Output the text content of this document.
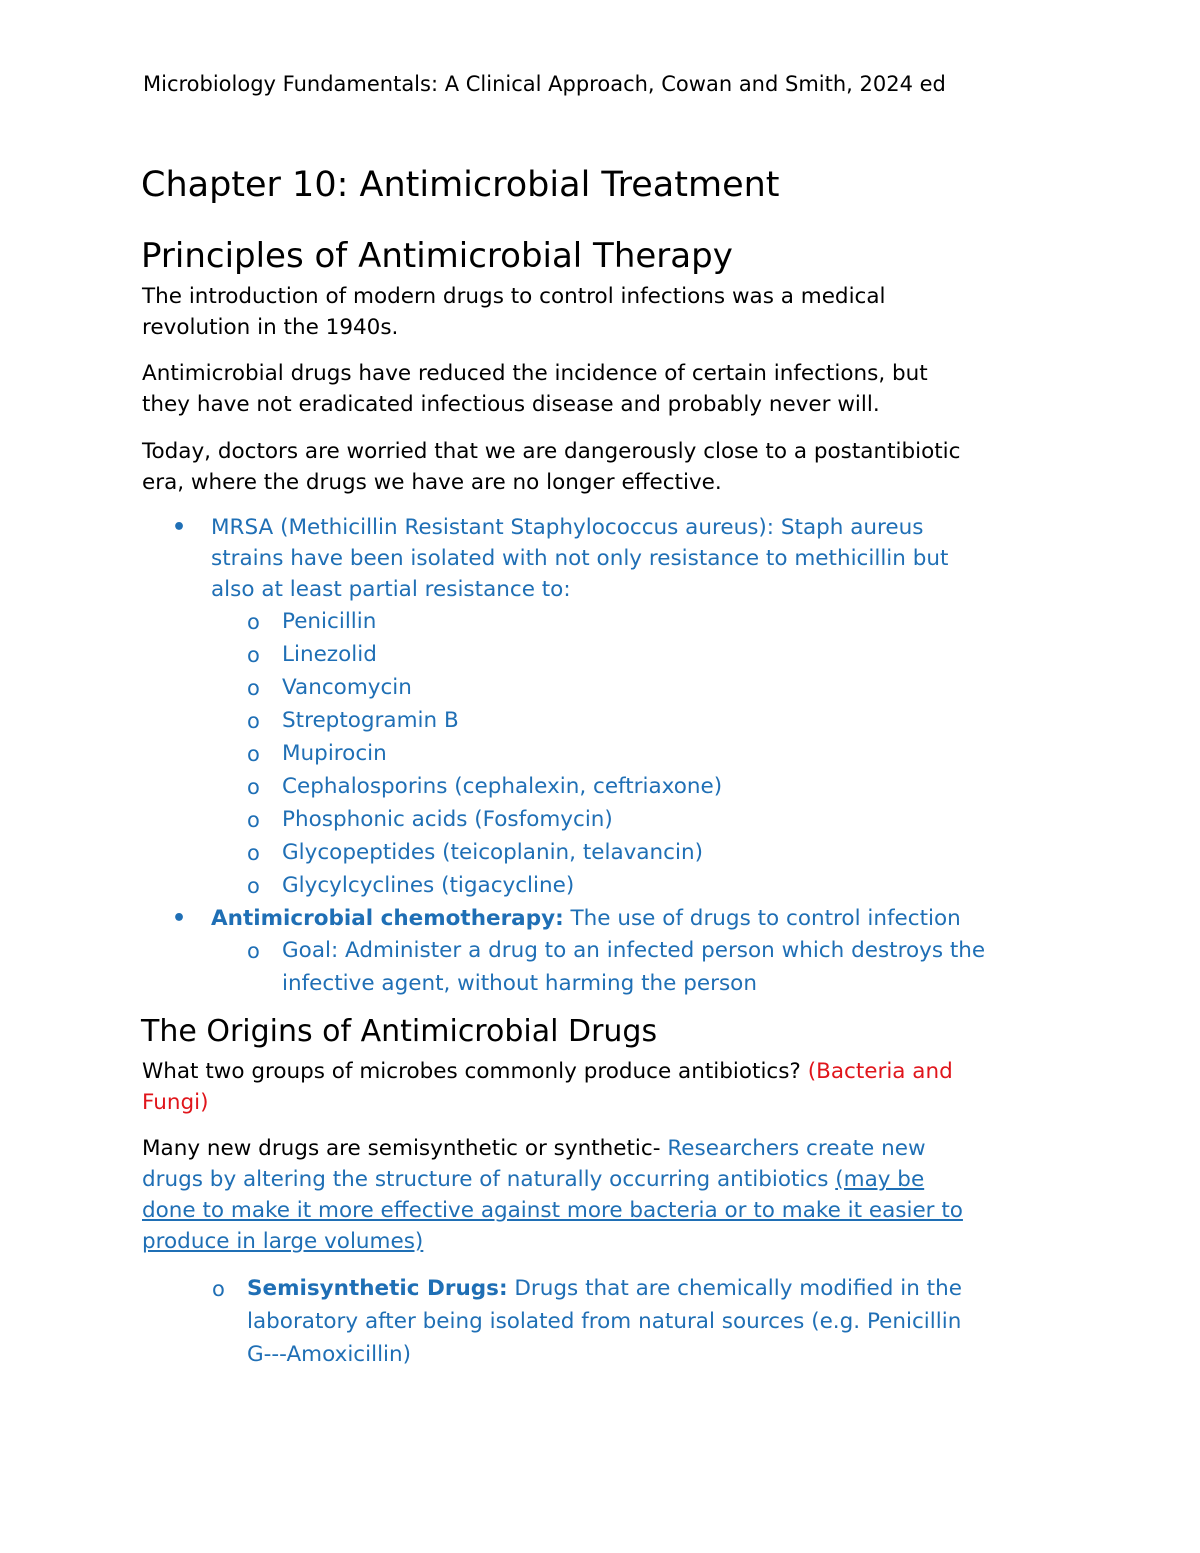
Microbiology Fundamentals: A Clinical Approach, Cowan and Smith, 2024 ed
Chapter 10: Antimicrobial Treatment
Principles of Antimicrobial Therapy
The introduction of modern drugs to control infections was a medical
revolution in the 1940s.
Antimicrobial drugs have reduced the incidence of certain infections, but
they have not eradicated infectious disease and probably never will.
Today, doctors are worried that we are dangerously close to a postantibiotic
era, where the drugs we have are no longer effective.
• MRSA (Methicillin Resistant Staphylococcus aureus): Staph aureus
strains have been isolated with not only resistance to methicillin but
also at least partial resistance to:
o Penicillin
o Linezolid
o Vancomycin
o Streptogramin B
o Mupirocin
o Cephalosporins (cephalexin, ceftriaxone)
o Phosphonic acids (Fosfomycin)
o Glycopeptides (teicoplanin, telavancin)
o Glycylcyclines (tigacycline)
• Antimicrobial chemotherapy: The use of drugs to control infection
o Goal: Administer a drug to an infected person which destroys the
infective agent, without harming the person
The Origins of Antimicrobial Drugs
What two groups of microbes commonly produce antibiotics? (Bacteria and
Fungi)
Many new drugs are semisynthetic or synthetic- Researchers create new
drugs by altering the structure of naturally occurring antibiotics (may be
done to make it more effective against more bacteria or to make it easier to
produce in large volumes)
o Semisynthetic Drugs: Drugs that are chemically modified in the
laboratory after being isolated from natural sources (e.g. Penicillin
G---Amoxicillin)
